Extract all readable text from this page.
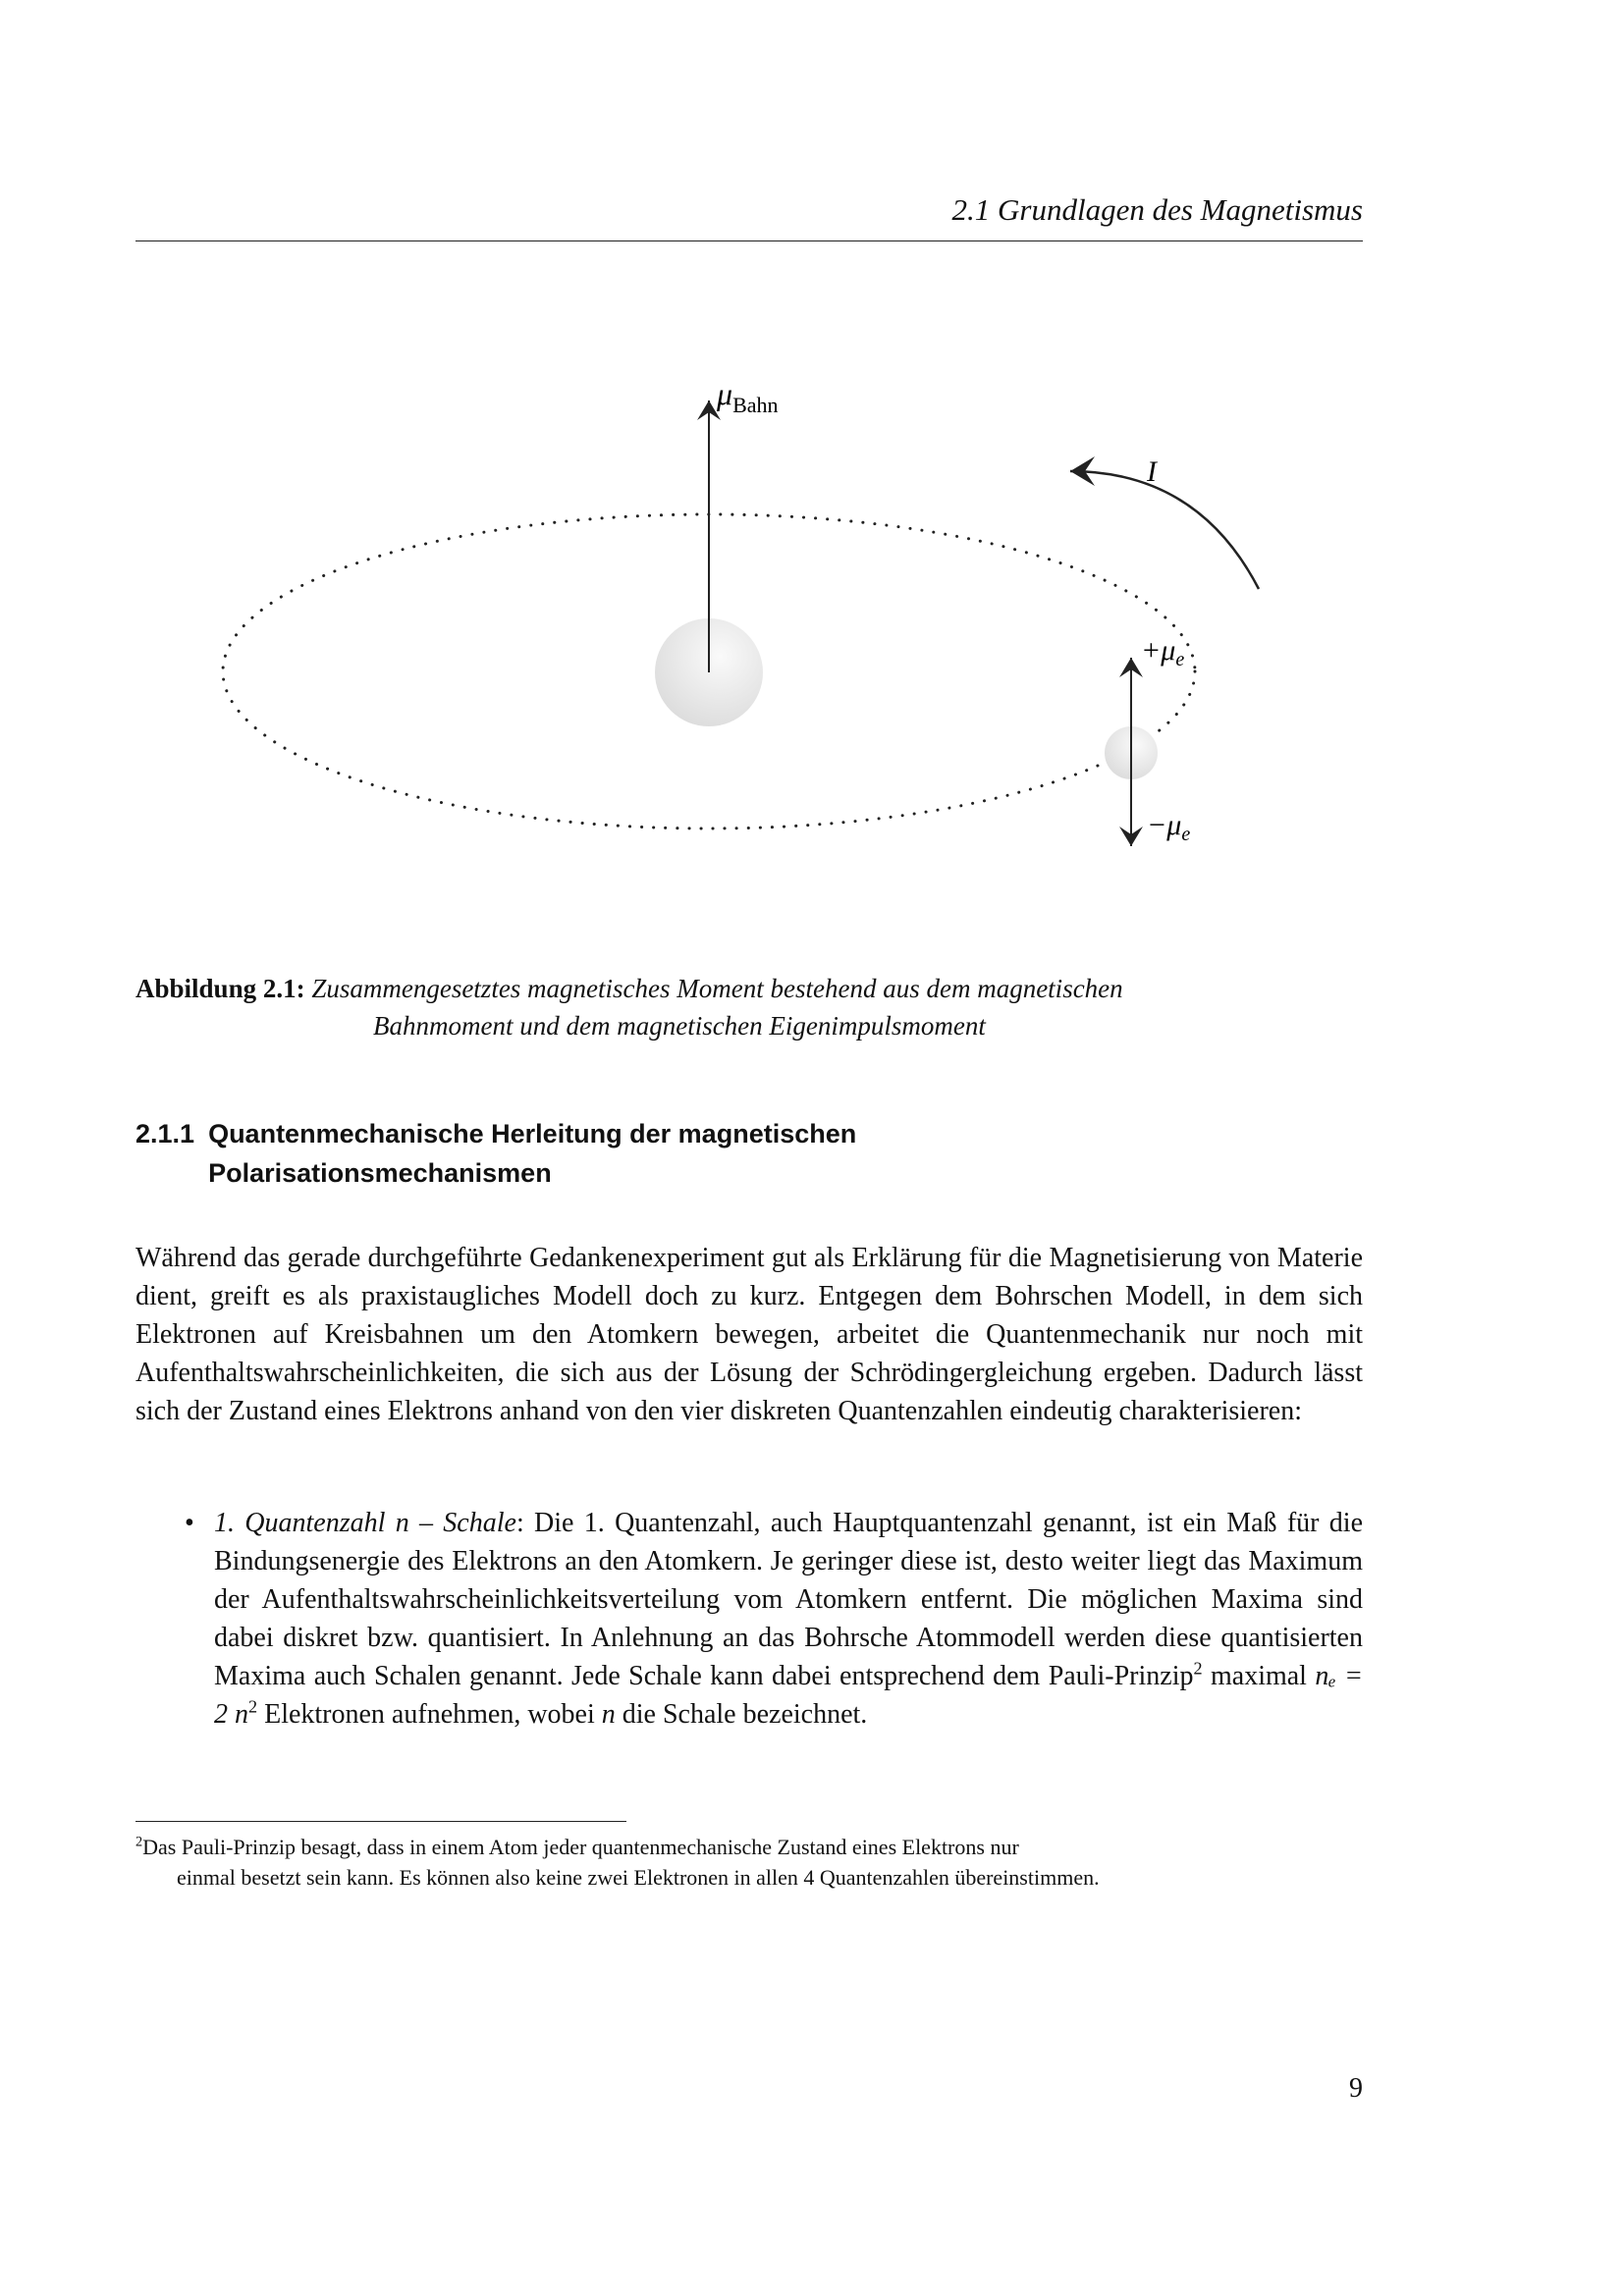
2.1 Grundlagen des Magnetismus
$\mu_{Bahn}$
$+\mu_e$
$-\mu_e$
I
Abbildung 2.1: Zusammengesetztes magnetisches Moment bestehend aus dem magnetischen
Bahnmoment und dem magnetischen Eigenimpulsmoment
2.1.1 Quantenmechanische Herleitung der magnetischen
Polarisationsmechanismen
Während das gerade durchgeführte Gedankenexperiment gut als Erklärung für die Magnetisierung von Materie dient, greift es als praxistaugliches Modell doch zu kurz. Entgegen dem Bohrschen Modell, in dem sich Elektronen auf Kreisbahnen um den Atomkern bewegen, arbeitet die Quantenmechanik nur noch mit Aufenthaltswahrscheinlichkeiten, die sich aus der Lösung der Schrödingergleichung ergeben. Dadurch lässt sich der Zustand eines Elektrons anhand von den vier diskreten Quantenzahlen eindeutig charakterisieren:
• 1. Quantenzahl n – Schale: Die 1. Quantenzahl, auch Hauptquantenzahl genannt, ist ein Maß für die Bindungsenergie des Elektrons an den Atomkern. Je geringer diese ist, desto weiter liegt das Maximum der Aufenthaltswahrscheinlichkeitsverteilung vom Atomkern entfernt. Die möglichen Maxima sind dabei diskret bzw. quantisiert. In Anlehnung an das Bohrsche Atommodell werden diese quantisierten Maxima auch Schalen genannt. Jede Schale kann dabei entsprechend dem Pauli-Prinzip$^2$ maximal nₑ = 2 $n^2$ Elektronen aufnehmen, wobei n die Schale bezeichnet.
$^2$Das Pauli-Prinzip besagt, dass in einem Atom jeder quantenmechanische Zustand eines Elektrons nur
einmal besetzt sein kann. Es können also keine zwei Elektronen in allen 4 Quantenzahlen übereinstimmen.
9
